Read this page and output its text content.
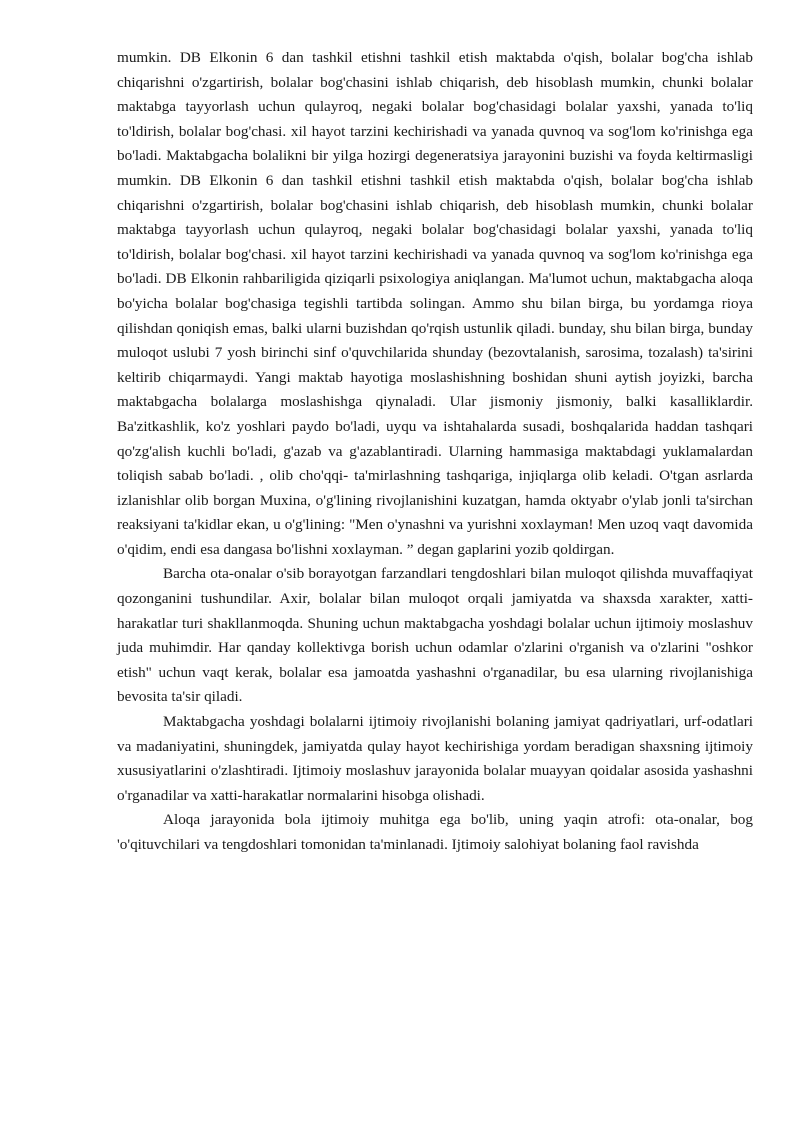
mumkin. DB Elkonin 6 dan tashkil etishni tashkil etish maktabda o'qish, bolalar bog'cha ishlab chiqarishni o'zgartirish, bolalar bog'chasini ishlab chiqarish, deb hisoblash mumkin, chunki bolalar maktabga tayyorlash uchun qulayroq, negaki bolalar bog'chasidagi bolalar yaxshi, yanada to'liq to'ldirish, bolalar bog'chasi. xil hayot tarzini kechirishadi va yanada quvnoq va sog'lom ko'rinishga ega bo'ladi. Maktabgacha bolalikni bir yilga hozirgi degeneratsiya jarayonini buzishi va foyda keltirmasligi mumkin. DB Elkonin 6 dan tashkil etishni tashkil etish maktabda o'qish, bolalar bog'cha ishlab chiqarishni o'zgartirish, bolalar bog'chasini ishlab chiqarish, deb hisoblash mumkin, chunki bolalar maktabga tayyorlash uchun qulayroq, negaki bolalar bog'chasidagi bolalar yaxshi, yanada to'liq to'ldirish, bolalar bog'chasi. xil hayot tarzini kechirishadi va yanada quvnoq va sog'lom ko'rinishga ega bo'ladi. DB Elkonin rahbariligida qiziqarli psixologiya aniqlangan. Ma'lumot uchun, maktabgacha aloqa bo'yicha bolalar bog'chasiga tegishli tartibda solingan. Ammo shu bilan birga, bu yordamga rioya qilishdan qoniqish emas, balki ularni buzishdan qo'rqish ustunlik qiladi. bunday, shu bilan birga, bunday muloqot uslubi 7 yosh birinchi sinf o'quvchilarida shunday (bezovtalanish, sarosima, tozalash) ta'sirini keltirib chiqarmaydi. Yangi maktab hayotiga moslashishning boshidan shuni aytish joyizki, barcha maktabgacha bolalarga moslashishga qiynaladi. Ular jismoniy jismoniy, balki kasalliklardir. Ba'zitkashlik, ko'z yoshlari paydo bo'ladi, uyqu va ishtahalarda susadi, boshqalarida haddan tashqari qo'zg'alish kuchli bo'ladi, g'azab va g'azablantiradi. Ularning hammasiga maktabdagi yuklamalardan toliqish sabab bo'ladi. , olib cho'qqi- ta'mirlashning tashqariga, injiqlarga olib keladi. O'tgan asrlarda izlanishlar olib borgan Muxina, o'g'lining rivojlanishini kuzatgan, hamda oktyabr o'ylab jonli ta'sirchan reaksiyani ta'kidlar ekan, u o'g'lining: "Men o'ynashni va yurishni xoxlayman! Men uzoq vaqt davomida o'qidim, endi esa dangasa bo'lishni xoxlayman. ” degan gaplarini yozib qoldirgan.

Barcha ota-onalar o'sib borayotgan farzandlari tengdoshlari bilan muloqot qilishda muvaffaqiyat qozonganini tushundilar. Axir, bolalar bilan muloqot orqali jamiyatda va shaxsda xarakter, xatti-harakatlar turi shakllanmoqda. Shuning uchun maktabgacha yoshdagi bolalar uchun ijtimoiy moslashuv juda muhimdir. Har qanday kollektivga borish uchun odamlar o'zlarini o'rganish va o'zlarini "oshkor etish" uchun vaqt kerak, bolalar esa jamoatda yashashni o'rganadilar, bu esa ularning rivojlanishiga bevosita ta'sir qiladi.

Maktabgacha yoshdagi bolalarni ijtimoiy rivojlanishi bolaning jamiyat qadriyatlari, urf-odatlari va madaniyatini, shuningdek, jamiyatda qulay hayot kechirishiga yordam beradigan shaxsning ijtimoiy xususiyatlarini o'zlashtiradi. Ijtimoiy moslashuv jarayonida bolalar muayyan qoidalar asosida yashashni o'rganadilar va xatti-harakatlar normalarini hisobga olishadi.

Aloqa jarayonida bola ijtimoiy muhitga ega bo'lib, uning yaqin atrofi: ota-onalar, bog 'o'qituvchilari va tengdoshlari tomonidan ta'minlanadi. Ijtimoiy salohiyat bolaning faol ravishda
